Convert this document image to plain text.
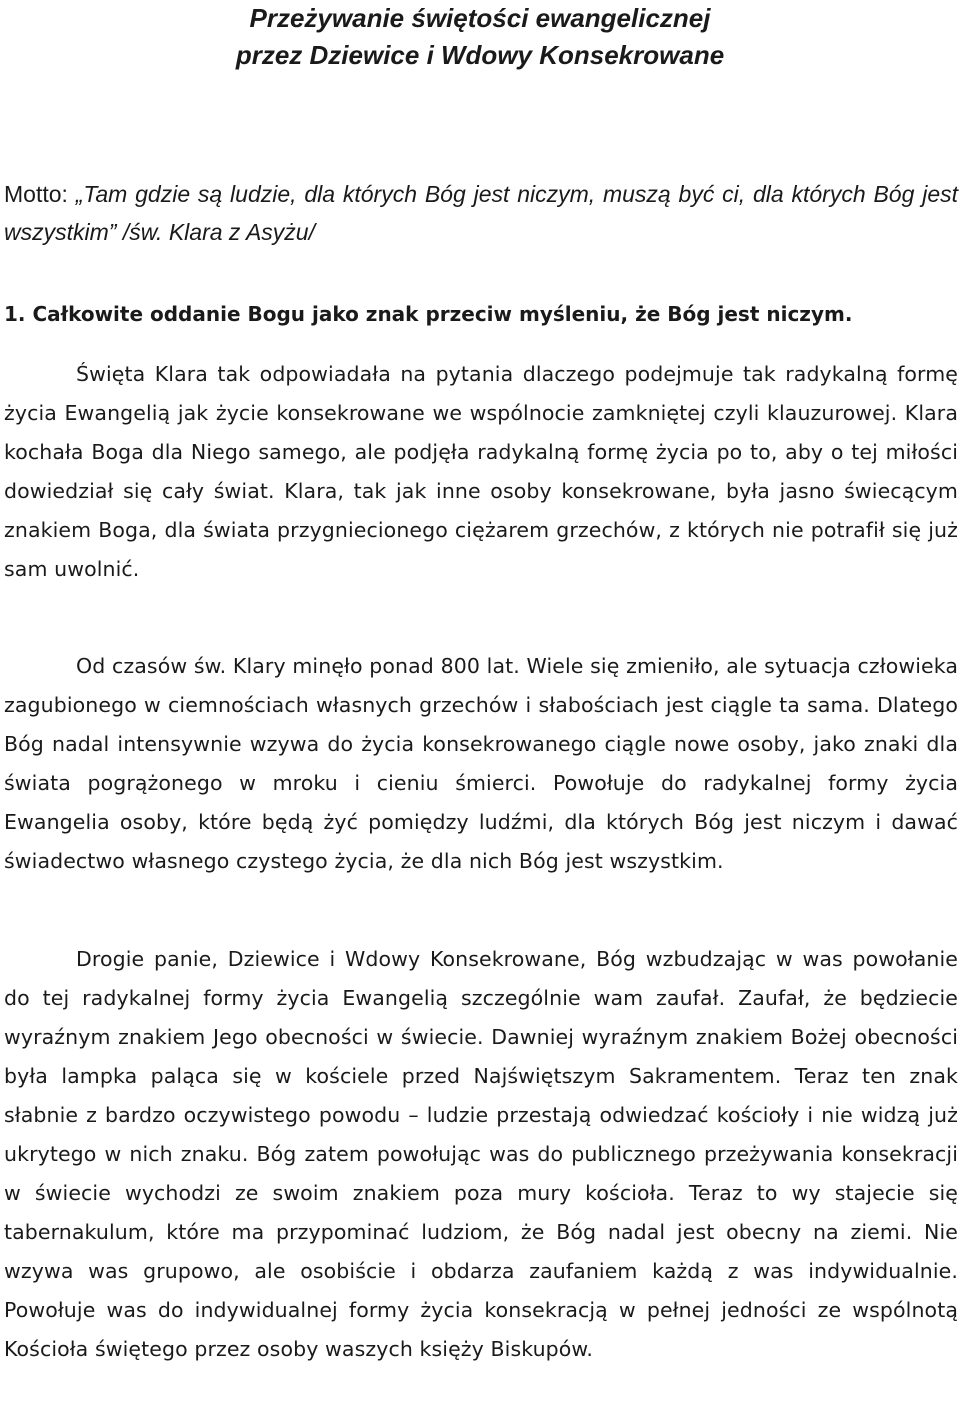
Przeżywanie świętości ewangelicznej
przez Dziewice i Wdowy Konsekrowane

Motto: „Tam gdzie są ludzie, dla których Bóg jest niczym, muszą być ci, dla których Bóg jest wszystkim” /św. Klara z Asyżu/

1. Całkowite oddanie Bogu jako znak przeciw myśleniu, że Bóg jest niczym.

Święta Klara tak odpowiadała na pytania dlaczego podejmuje tak radykalną formę życia Ewangelią jak życie konsekrowane we wspólnocie zamkniętej czyli klauzurowej. Klara kochała Boga dla Niego samego, ale podjęła radykalną formę życia po to, aby o tej miłości dowiedział się cały świat. Klara, tak jak inne osoby konsekrowane, była jasno świecącym znakiem Boga, dla świata przygniecionego ciężarem grzechów, z których nie potrafił się już sam uwolnić.

Od czasów św. Klary minęło ponad 800 lat. Wiele się zmieniło, ale sytuacja człowieka zagubionego w ciemnościach własnych grzechów i słabościach jest ciągle ta sama. Dlatego Bóg nadal intensywnie wzywa do życia konsekrowanego ciągle nowe osoby, jako znaki dla świata pogrążonego w mroku i cieniu śmierci. Powołuje do radykalnej formy życia Ewangelia osoby, które będą żyć pomiędzy ludźmi, dla których Bóg jest niczym i dawać świadectwo własnego czystego życia, że dla nich Bóg jest wszystkim.

Drogie panie, Dziewice i Wdowy Konsekrowane, Bóg wzbudzając w was powołanie do tej radykalnej formy życia Ewangelią szczególnie wam zaufał. Zaufał, że będziecie wyraźnym znakiem Jego obecności w świecie. Dawniej wyraźnym znakiem Bożej obecności była lampka paląca się w kościele przed Najświętszym Sakramentem. Teraz ten znak słabnie z bardzo oczywistego powodu – ludzie przestają odwiedzać kościoły i nie widzą już ukrytego w nich znaku. Bóg zatem powołując was do publicznego przeżywania konsekracji w świecie wychodzi ze swoim znakiem poza mury kościoła. Teraz to wy stajecie się tabernakulum, które ma przypominać ludziom, że Bóg nadal jest obecny na ziemi. Nie wzywa was grupowo, ale osobiście i obdarza zaufaniem każdą z was indywidualnie. Powołuje was do indywidualnej formy życia konsekracją w pełnej jedności ze wspólnotą Kościoła świętego przez osoby waszych księży Biskupów.
